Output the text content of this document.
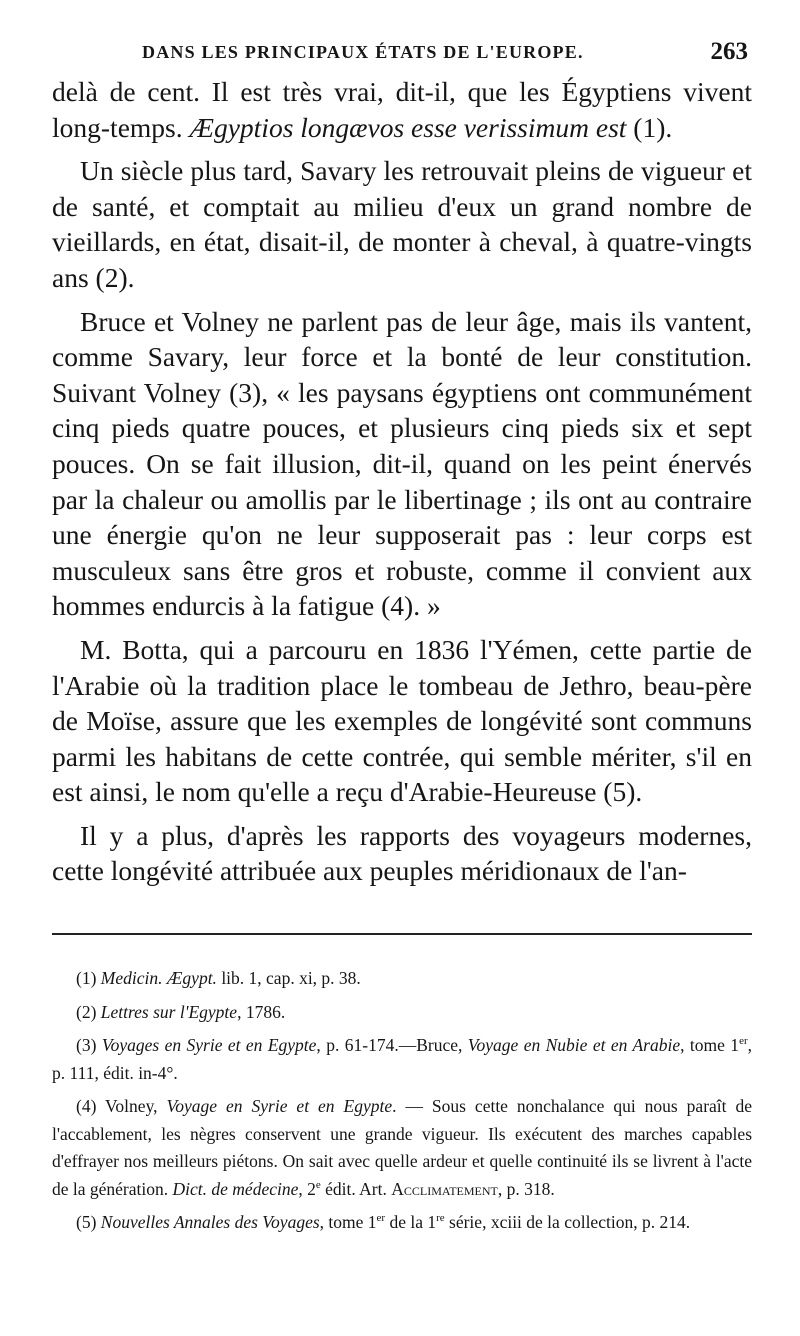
DANS LES PRINCIPAUX ÉTATS DE L'EUROPE.	263

delà de cent. Il est très vrai, dit-il, que les Égyptiens vivent long-temps. Ægyptios longævos esse verissimum est (1).

Un siècle plus tard, Savary les retrouvait pleins de vigueur et de santé, et comptait au milieu d'eux un grand nombre de vieillards, en état, disait-il, de monter à cheval, à quatre-vingts ans (2).

Bruce et Volney ne parlent pas de leur âge, mais ils vantent, comme Savary, leur force et la bonté de leur constitution. Suivant Volney (3), « les paysans égyptiens ont communément cinq pieds quatre pouces, et plusieurs cinq pieds six et sept pouces. On se fait illusion, dit-il, quand on les peint énervés par la chaleur ou amollis par le libertinage ; ils ont au contraire une énergie qu'on ne leur supposerait pas : leur corps est musculeux sans être gros et robuste, comme il convient aux hommes endurcis à la fatigue (4). »

M. Botta, qui a parcouru en 1836 l'Yémen, cette partie de l'Arabie où la tradition place le tombeau de Jethro, beau-père de Moïse, assure que les exemples de longévité sont communs parmi les habitans de cette contrée, qui semble mériter, s'il en est ainsi, le nom qu'elle a reçu d'Arabie-Heureuse (5).

Il y a plus, d'après les rapports des voyageurs modernes, cette longévité attribuée aux peuples méridionaux de l'an-

(1) Medicin. Ægypt. lib. 1, cap. xi, p. 38.

(2) Lettres sur l'Egypte, 1786.

(3) Voyages en Syrie et en Egypte, p. 61-174.—Bruce, Voyage en Nubie et en Arabie, tome 1er, p. 111, édit. in-4°.

(4) Volney, Voyage en Syrie et en Egypte. — Sous cette nonchalance qui nous paraît de l'accablement, les nègres conservent une grande vigueur. Ils exécutent des marches capables d'effrayer nos meilleurs piétons. On sait avec quelle ardeur et quelle continuité ils se livrent à l'acte de la génération. Dict. de médecine, 2e édit. Art. Acclimatement, p. 318.

(5) Nouvelles Annales des Voyages, tome 1er de la 1re série, xciii de la collection, p. 214.
